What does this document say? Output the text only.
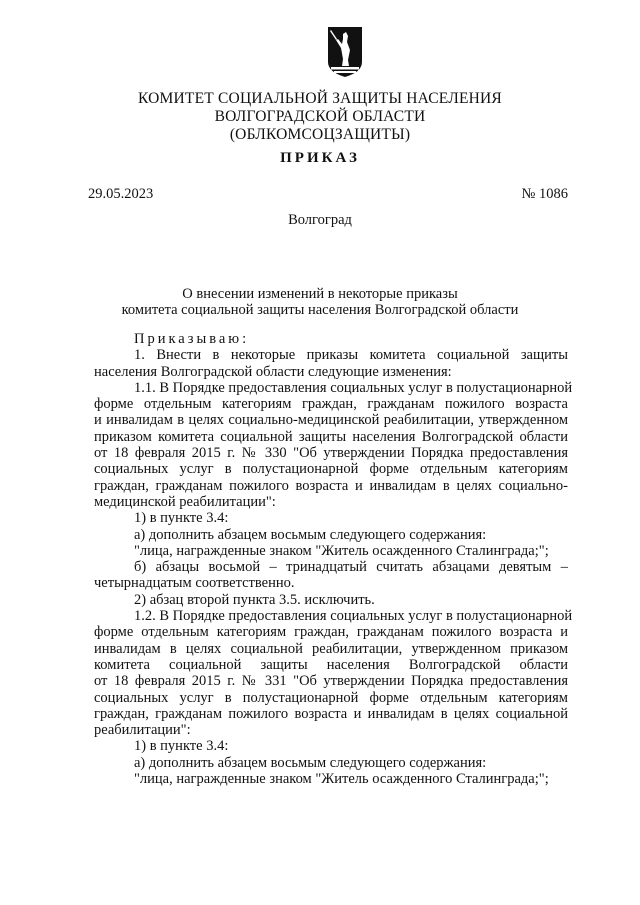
КОМИТЕТ СОЦИАЛЬНОЙ ЗАЩИТЫ НАСЕЛЕНИЯ
ВОЛГОГРАДСКОЙ ОБЛАСТИ
(ОБЛКОМСОЦЗАЩИТЫ)
ПРИКАЗ
29.05.2023	№ 1086
Волгоград
О внесении изменений в некоторые приказы
комитета социальной защиты населения Волгоградской области
Приказываю:
1. Внести в некоторые приказы комитета социальной защиты
населения Волгоградской области следующие изменения:
1.1. В Порядке предоставления социальных услуг в полустационарной
форме отдельным категориям граждан, гражданам пожилого возраста
и инвалидам в целях социально-медицинской реабилитации, утвержденном
приказом комитета социальной защиты населения Волгоградской области
от 18 февраля 2015 г. № 330 "Об утверждении Порядка предоставления
социальных услуг в полустационарной форме отдельным категориям
граждан, гражданам пожилого возраста и инвалидам в целях социально-
медицинской реабилитации":
1) в пункте 3.4:
а) дополнить абзацем восьмым следующего содержания:
"лица, награжденные знаком "Житель осажденного Сталинграда;";
б) абзацы восьмой – тринадцатый считать абзацами девятым –
четырнадцатым соответственно.
2) абзац второй пункта 3.5. исключить.
1.2. В Порядке предоставления социальных услуг в полустационарной
форме отдельным категориям граждан, гражданам пожилого возраста и
инвалидам в целях социальной реабилитации, утвержденном приказом
комитета социальной защиты населения Волгоградской области
от 18 февраля 2015 г. № 331 "Об утверждении Порядка предоставления
социальных услуг в полустационарной форме отдельным категориям
граждан, гражданам пожилого возраста и инвалидам в целях социальной
реабилитации":
1) в пункте 3.4:
а) дополнить абзацем восьмым следующего содержания:
"лица, награжденные знаком "Житель осажденного Сталинграда;";
